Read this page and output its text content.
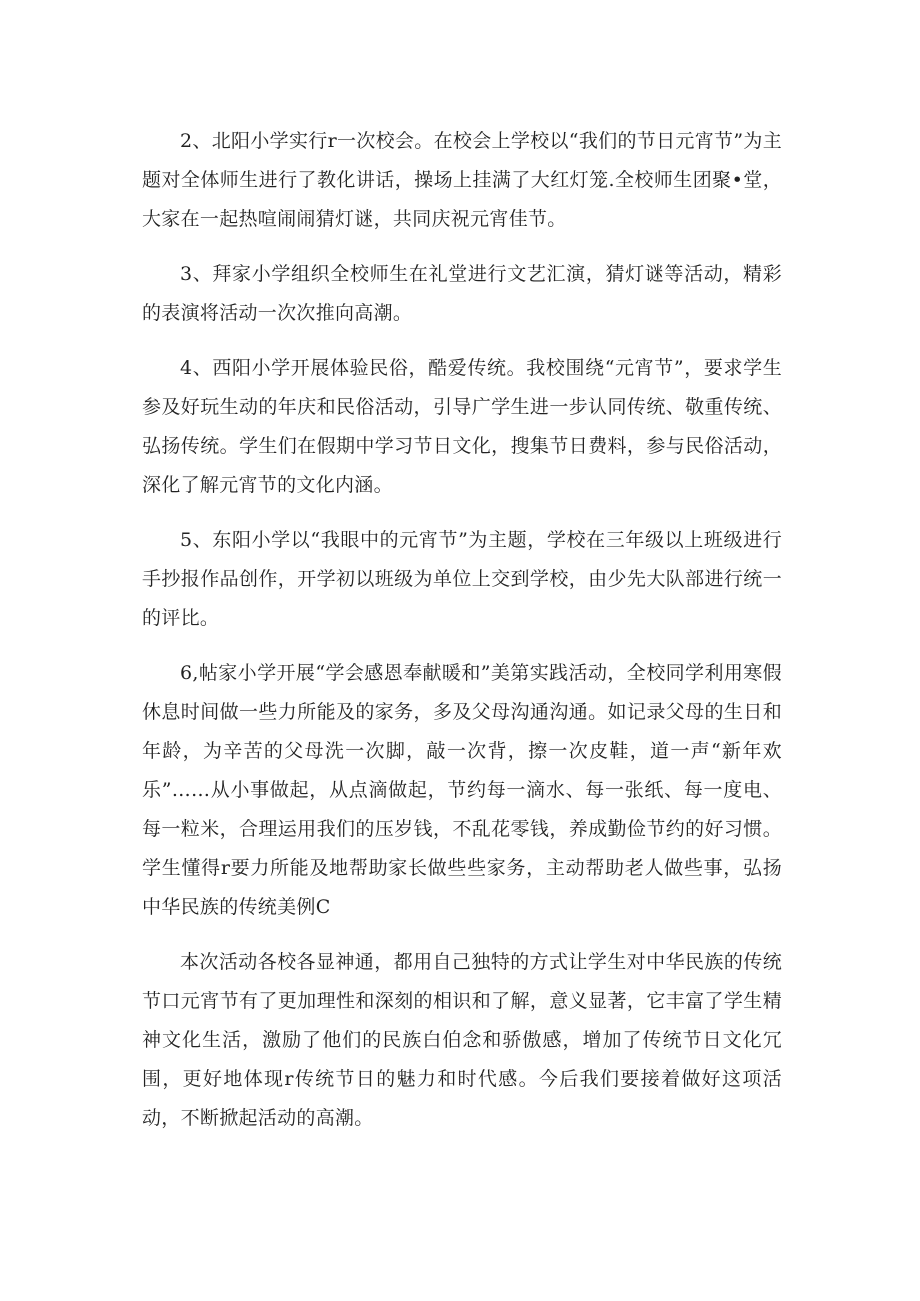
2、北阳小学实行r一次校会。在校会上学校以“我们的节日元宵节”为主题对全体师生进行了教化讲话，操场上挂满了大红灯笼.全校师生团聚•堂，大家在一起热喧闹闹猜灯谜，共同庆祝元宵佳节。

3、拜家小学组织全校师生在礼堂进行文艺汇演，猜灯谜等活动，精彩的表演将活动一次次推向高潮。

4、西阳小学开展体验民俗，酷爱传统。我校围绕“元宵节”，要求学生参及好玩生动的年庆和民俗活动，引导广学生进一步认同传统、敬重传统、弘扬传统。学生们在假期中学习节日文化，搜集节日费料，参与民俗活动，深化了解元宵节的文化内涵。

5、东阳小学以“我眼中的元宵节”为主题，学校在三年级以上班级进行手抄报作品创作，开学初以班级为单位上交到学校，由少先大队部进行统一的评比。

6,帖家小学开展“学会感恩奉献暖和”美第实践活动，全校同学利用寒假休息时间做一些力所能及的家务，多及父母沟通沟通。如记录父母的生日和年龄，为辛苦的父母洗一次脚，敲一次背，擦一次皮鞋，道一声“新年欢乐”……从小事做起，从点滴做起，节约每一滴水、每一张纸、每一度电、每一粒米，合理运用我们的压岁钱，不乱花零钱，养成勤俭节约的好习惯。学生懂得r要力所能及地帮助家长做些些家务，主动帮助老人做些事，弘扬中华民族的传统美例C

本次活动各校各显神通，都用自己独特的方式让学生对中华民族的传统节口元宵节有了更加理性和深刻的相识和了解，意义显著，它丰富了学生精神文化生活，激励了他们的民族白伯念和骄傲感，增加了传统节日文化冗围，更好地体现r传统节日的魅力和时代感。今后我们要接着做好这项活动，不断掀起活动的高潮。
